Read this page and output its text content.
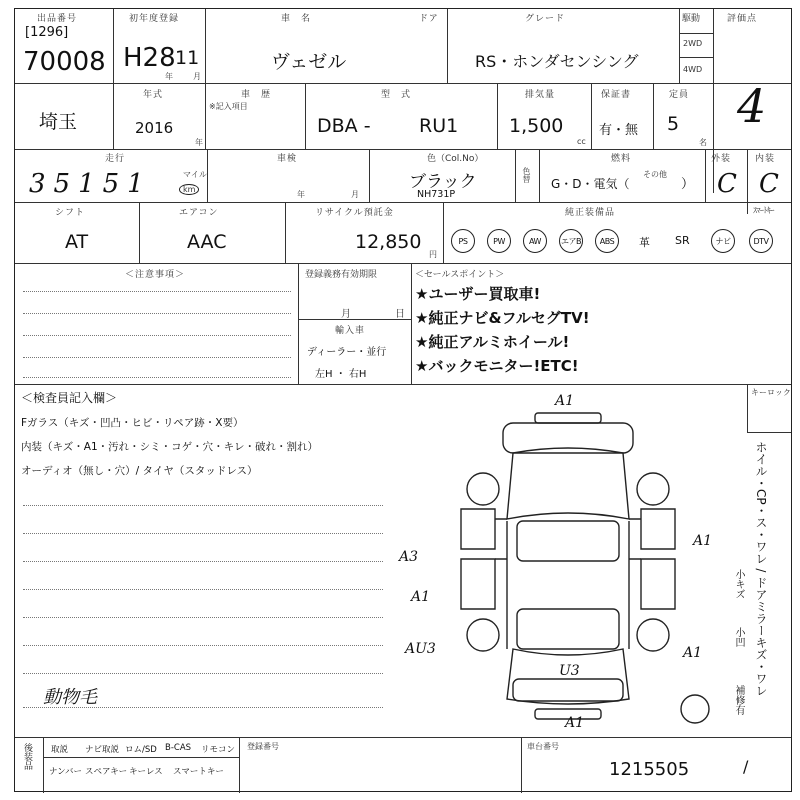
出品番号
[1296]
70008
初年度登録
H28 11
年	月
車　名
ヴェゼル
ドア	グレード
RS・ホンダセンシング
駆動
2WD
4WD
評価点
4
埼玉
年式
2016
年
車　歴
※記入項目
型　式
DBA -	RU1
排気量
1,500
cc
保証書
有・無
定員
5
名
走行
35151	マイル
km
車検
年	月
色（Col.No）
ブラック
NH731P
色替
燃料
G・D・電気（
その他
）
外装
C
内装
C
シフト
AT
エアコン
AAC
リサイクル預託金
12,850
円
純正装備品	ｽﾏｰﾄｷｰ
PS	PW	AW	エアB	ABS	革 SR	ナビ	DTV
＜注意事項＞	登録義務有効期限
月	日
輸入車
ディーラー・並行
左H ・ 右H
＜セールスポイント＞
★ユーザー買取車!
★純正ナビ&フルセグTV!
★純正アルミホイール!
★バックモニター!ETC!
＜検査員記入欄＞
Fガラス（キズ・凹凸・ヒビ・リペア跡・X要）
内装（キズ・A1・汚れ・シミ・コゲ・穴・キレ・破れ・割れ）
オーディオ（無し・穴）/ タイヤ（スタッドレス）
動物毛
キーロック
ホイル・CP・ス・ワレ / ドアミラーキズ・ワレ
小キズ
小凹
補修有
A1
A1
A3
A1
AU3	A1
U3
A1
後装品 取説 ナビ取説 ロム/SD B-CAS リモコン
ナンバー スペアキー キーレス スマートキー
登録番号	車台番号
1215505	/
